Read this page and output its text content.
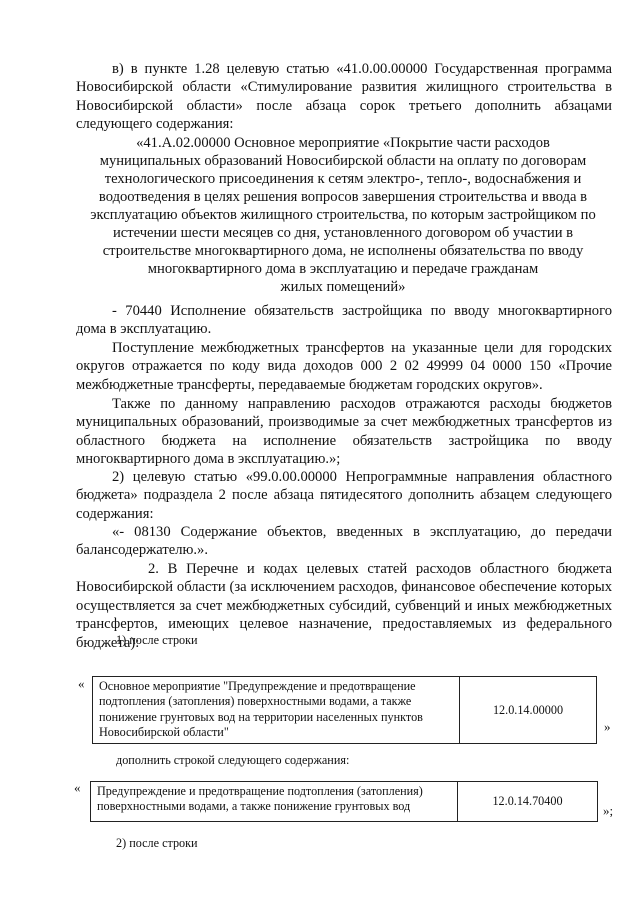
в) в пункте 1.28 целевую статью «41.0.00.00000 Государственная программа Новосибирской области «Стимулирование развития жилищного строительства в Новосибирской области» после абзаца сорок третьего дополнить абзацами следующего содержания:

«41.А.02.00000 Основное мероприятие «Покрытие части расходов

муниципальных образований Новосибирской области на оплату по договорам

технологического присоединения к сетям электро-, тепло-, водоснабжения и

водоотведения в целях решения вопросов завершения строительства и ввода в

эксплуатацию объектов жилищного строительства, по которым застройщиком по

истечении шести месяцев со дня, установленного договором об участии в

строительстве многоквартирного дома, не исполнены обязательства по вводу

многоквартирного дома в эксплуатацию и передаче гражданам

жилых помещений»

- 70440 Исполнение обязательств застройщика по вводу многоквартирного дома в эксплуатацию.

Поступление межбюджетных трансфертов на указанные цели для городских округов отражается по коду вида доходов 000 2 02 49999 04 0000 150 «Прочие межбюджетные трансферты, передаваемые бюджетам городских округов».

Также по данному направлению расходов отражаются расходы бюджетов муниципальных образований, производимые за счет межбюджетных трансфертов из областного бюджета на исполнение обязательств застройщика по вводу многоквартирного дома в эксплуатацию.»;

2) целевую статью «99.0.00.00000 Непрограммные направления областного бюджета» подраздела 2 после абзаца пятидесятого дополнить абзацем следующего содержания:

«- 08130 Содержание объектов, введенных в эксплуатацию, до передачи балансодержателю.».

2. В Перечне и кодах целевых статей расходов областного бюджета Новосибирской области (за исключением расходов, финансовое обеспечение которых осуществляется за счет межбюджетных субсидий, субвенций и иных межбюджетных трансфертов, имеющих целевое назначение, предоставляемых из федерального бюджета):

1) после строки

«	Основное мероприятие "Предупреждение и предотвращение подтопления (затопления) поверхностными водами, а также понижение грунтовых вод на территории населенных пунктов Новосибирской области"
12.0.14.00000
»

дополнить строкой следующего содержания:

«	Предупреждение и предотвращение подтопления (затопления) поверхностными водами, а также понижение грунтовых вод	12.0.14.70400
»;

2) после строки
